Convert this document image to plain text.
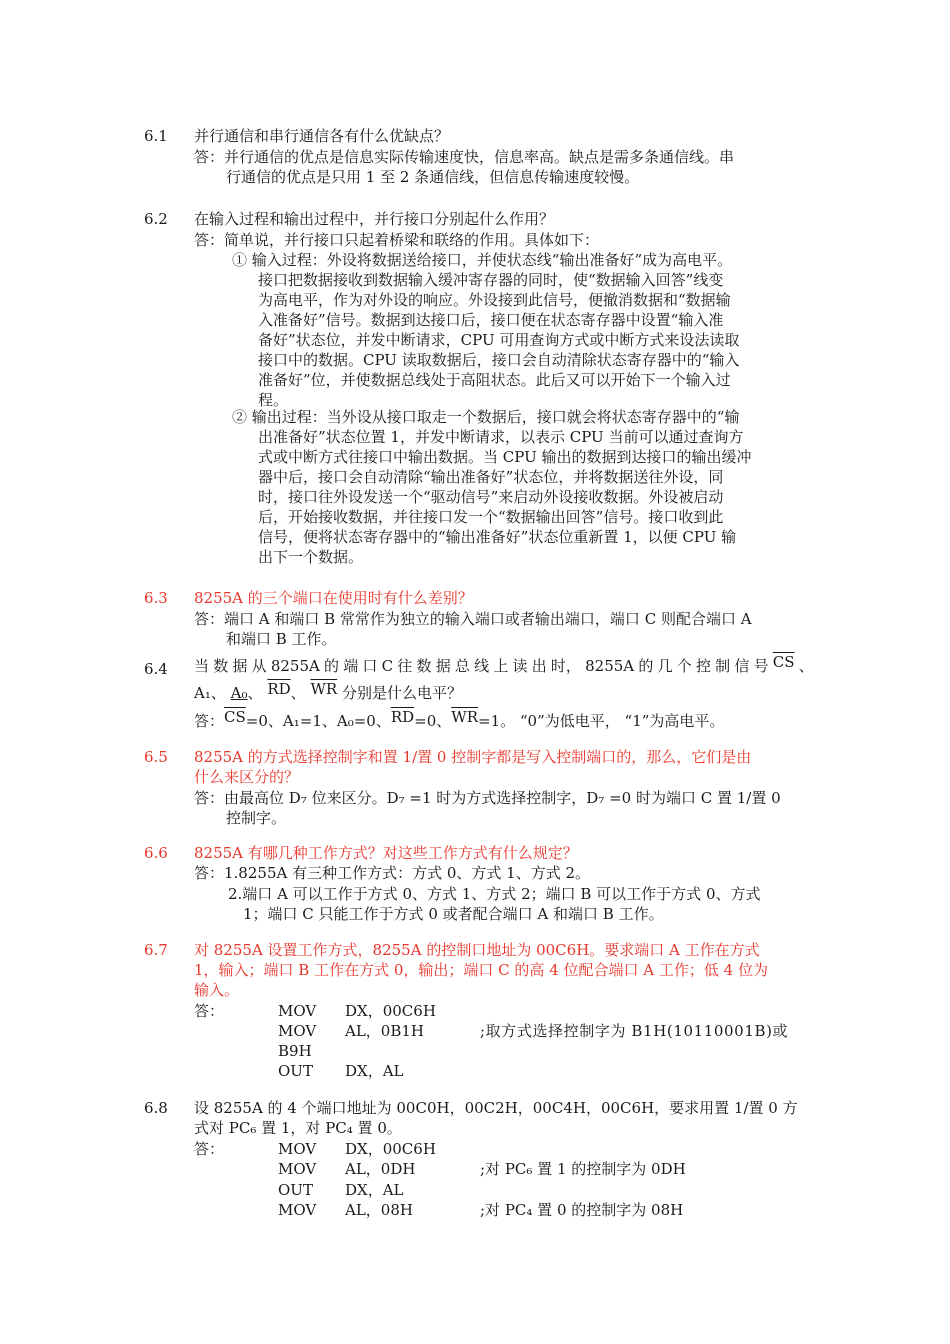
6.1 并行通信和串行通信各有什么优缺点？
答：并行通信的优点是信息实际传输速度快，信息率高。缺点是需多条通信线。串
行通信的优点是只用 1 至 2 条通信线，但信息传输速度较慢。
6.2 在输入过程和输出过程中，并行接口分别起什么作用？
答：简单说，并行接口只起着桥梁和联络的作用。具体如下：
① 输入过程：外设将数据送给接口，并使状态线“输出准备好”成为高电平。
接口把数据接收到数据输入缓冲寄存器的同时，使“数据输入回答”线变
为高电平，作为对外设的响应。外设接到此信号，便撤消数据和“数据输
入准备好”信号。数据到达接口后，接口便在状态寄存器中设置“输入准
备好”状态位，并发中断请求，CPU 可用查询方式或中断方式来设法读取
接口中的数据。CPU 读取数据后，接口会自动清除状态寄存器中的“输入
准备好”位，并使数据总线处于高阻状态。此后又可以开始下一个输入过
程。
② 输出过程：当外设从接口取走一个数据后，接口就会将状态寄存器中的“输
出准备好”状态位置 1，并发中断请求，以表示 CPU 当前可以通过查询方
式或中断方式往接口中输出数据。当 CPU 输出的数据到达接口的输出缓冲
器中后，接口会自动清除“输出准备好”状态位，并将数据送往外设，同
时，接口往外设发送一个“驱动信号”来启动外设接收数据。外设被启动
后，开始接收数据，并往接口发一个“数据输出回答”信号。接口收到此
信号，便将状态寄存器中的“输出准备好”状态位重新置 1，以便 CPU 输
出下一个数据。
6.3 8255A 的三个端口在使用时有什么差别？
答：端口 A 和端口 B 常常作为独立的输入端口或者输出端口，端口 C 则配合端口 A
和端口 B 工作。
6.4 当 数 据 从 8255A 的 端 口 C 往 数 据 总 线 上 读 出 时， 8255A 的 几 个 控 制 信 号 $\overline{CS}$ 、
A₁、 A₀、 $\overline{RD}$、 $\overline{WR}$ 分别是什么电平？
答：$\overline{CS}=0$、A₁=1、A₀=0、$\overline{RD}=0$、$\overline{WR}=1$。 “0”为低电平， “1”为高电平。
6.5 8255A 的方式选择控制字和置 1/置 0 控制字都是写入控制端口的，那么，它们是由
什么来区分的？
答：由最高位 D₇ 位来区分。D₇ =1 时为方式选择控制字，D₇ =0 时为端口 C 置 1/置 0
控制字。
6.6 8255A 有哪几种工作方式？对这些工作方式有什么规定？
答：1.8255A 有三种工作方式：方式 0、方式 1、方式 2。
2.端口 A 可以工作于方式 0、方式 1、方式 2；端口 B 可以工作于方式 0、方式
1；端口 C 只能工作于方式 0 或者配合端口 A 和端口 B 工作。
6.7 对 8255A 设置工作方式，8255A 的控制口地址为 00C6H。要求端口 A 工作在方式
1，输入；端口 B 工作在方式 0，输出；端口 C 的高 4 位配合端口 A 工作；低 4 位为
输入。
答：	MOV DX，00C6H
MOV AL，0B1H	;取方式选择控制字为 B1H(10110001B)或
B9H
OUT DX，AL
6.8 设 8255A 的 4 个端口地址为 00C0H，00C2H，00C4H，00C6H，要求用置 1/置 0 方
式对 PC₆ 置 1，对 PC₄ 置 0。
答：	MOV DX，00C6H
MOV AL，0DH	;对 PC₆ 置 1 的控制字为 0DH
OUT DX，AL
MOV AL，08H	;对 PC₄ 置 0 的控制字为 08H
